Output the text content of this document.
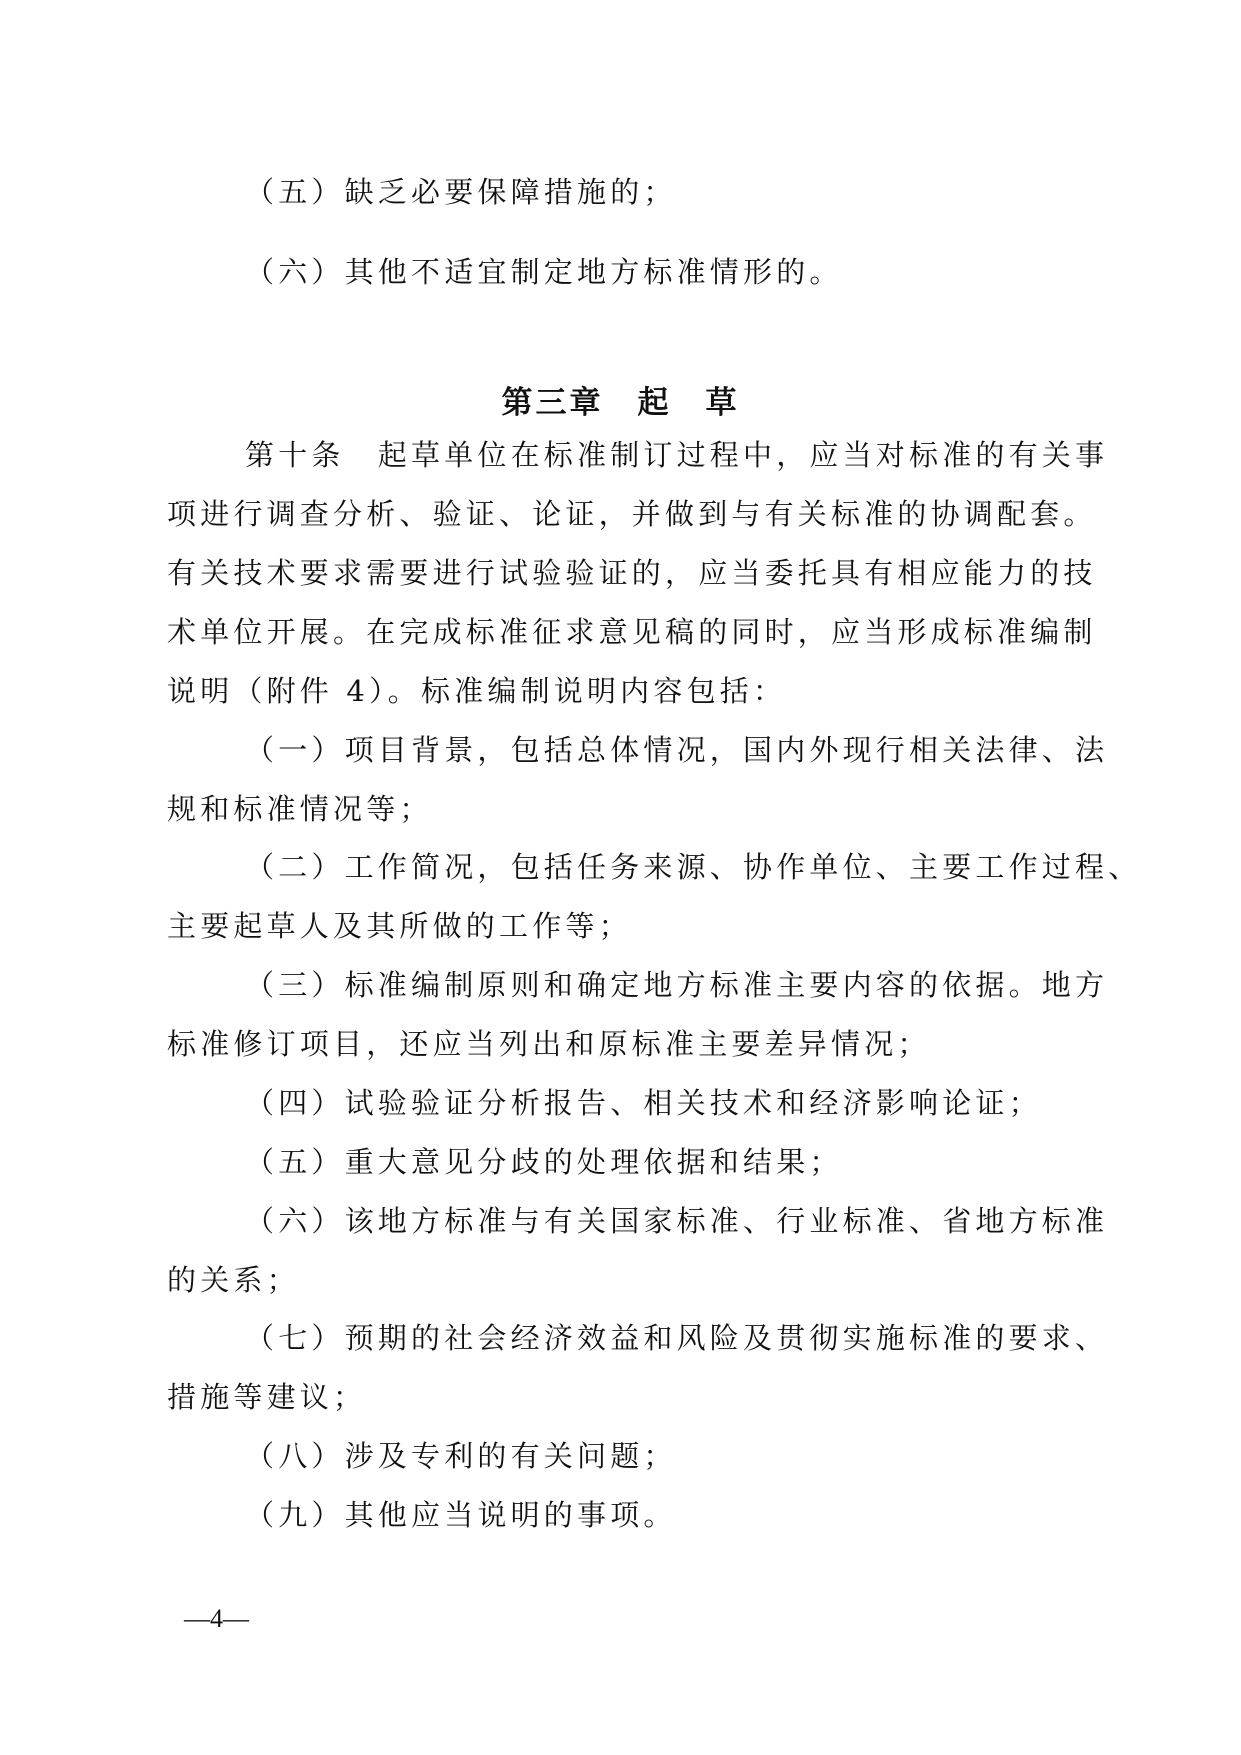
（五）缺乏必要保障措施的；
（六）其他不适宜制定地方标准情形的。
第三章　起　草
第十条　起草单位在标准制订过程中，应当对标准的有关事
项进行调查分析、验证、论证，并做到与有关标准的协调配套。
有关技术要求需要进行试验验证的，应当委托具有相应能力的技
术单位开展。在完成标准征求意见稿的同时，应当形成标准编制
说明（附件 4）。标准编制说明内容包括：
（一）项目背景，包括总体情况，国内外现行相关法律、法
规和标准情况等；
（二）工作简况，包括任务来源、协作单位、主要工作过程、
主要起草人及其所做的工作等；
（三）标准编制原则和确定地方标准主要内容的依据。地方
标准修订项目，还应当列出和原标准主要差异情况；
（四）试验验证分析报告、相关技术和经济影响论证；
（五）重大意见分歧的处理依据和结果；
（六）该地方标准与有关国家标准、行业标准、省地方标准
的关系；
（七）预期的社会经济效益和风险及贯彻实施标准的要求、
措施等建议；
（八）涉及专利的有关问题；
（九）其他应当说明的事项。
—4—
